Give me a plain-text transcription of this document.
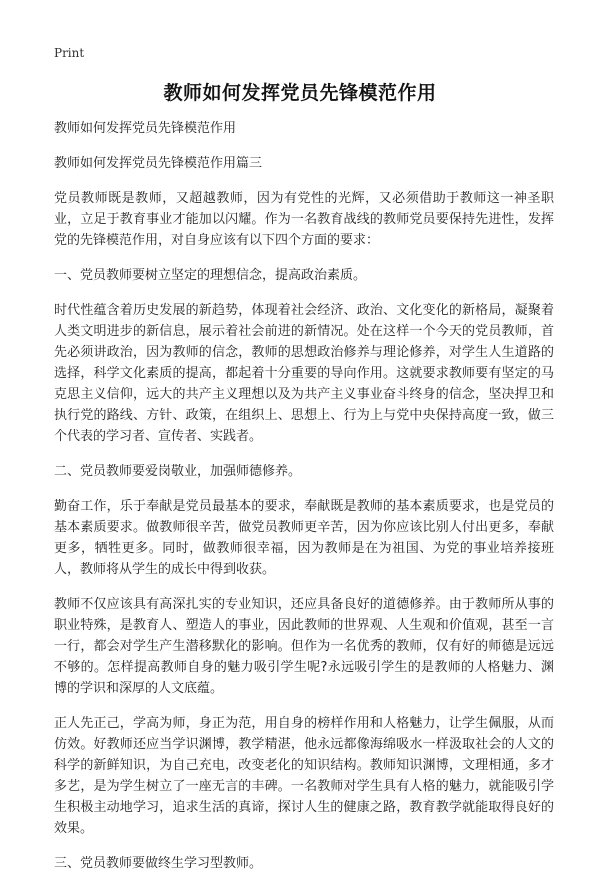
Print
教师如何发挥党员先锋模范作用

教师如何发挥党员先锋模范作用

教师如何发挥党员先锋模范作用篇三

党员教师既是教师，又超越教师，因为有党性的光辉，又必须借助于教师这一神圣职业，立足于教育事业才能加以闪耀。作为一名教育战线的教师党员要保持先进性，发挥党的先锋模范作用，对自身应该有以下四个方面的要求：

一、党员教师要树立坚定的理想信念，提高政治素质。

时代性蕴含着历史发展的新趋势，体现着社会经济、政治、文化变化的新格局，凝聚着人类文明进步的新信息，展示着社会前进的新情况。处在这样一个今天的党员教师，首先必须讲政治，因为教师的信念，教师的思想政治修养与理论修养，对学生人生道路的选择，科学文化素质的提高，都起着十分重要的导向作用。这就要求教师要有坚定的马克思主义信仰，远大的共产主义理想以及为共产主义事业奋斗终身的信念，坚决捍卫和执行党的路线、方针、政策，在组织上、思想上、行为上与党中央保持高度一致，做三个代表的学习者、宣传者、实践者。

二、党员教师要爱岗敬业，加强师德修养。

勤奋工作，乐于奉献是党员最基本的要求，奉献既是教师的基本素质要求，也是党员的基本素质要求。做教师很辛苦，做党员教师更辛苦，因为你应该比别人付出更多，奉献更多，牺牲更多。同时，做教师很幸福，因为教师是在为祖国、为党的事业培养接班人，教师将从学生的成长中得到收获。

教师不仅应该具有高深扎实的专业知识，还应具备良好的道德修养。由于教师所从事的职业特殊，是教育人、塑造人的事业，因此教师的世界观、人生观和价值观，甚至一言一行，都会对学生产生潜移默化的影响。但作为一名优秀的教师，仅有好的师德是远远不够的。怎样提高教师自身的魅力吸引学生呢?永远吸引学生的是教师的人格魅力、渊博的学识和深厚的人文底蕴。

正人先正己，学高为师，身正为范，用自身的榜样作用和人格魅力，让学生佩服，从而仿效。好教师还应当学识渊博，教学精湛，他永远都像海绵吸水一样汲取社会的人文的科学的新鲜知识，为自己充电，改变老化的知识结构。教师知识渊博，文理相通，多才多艺，是为学生树立了一座无言的丰碑。一名教师对学生具有人格的魅力，就能吸引学生积极主动地学习，追求生活的真谛，探讨人生的健康之路，教育教学就能取得良好的效果。

三、党员教师要做终生学习型教师。
